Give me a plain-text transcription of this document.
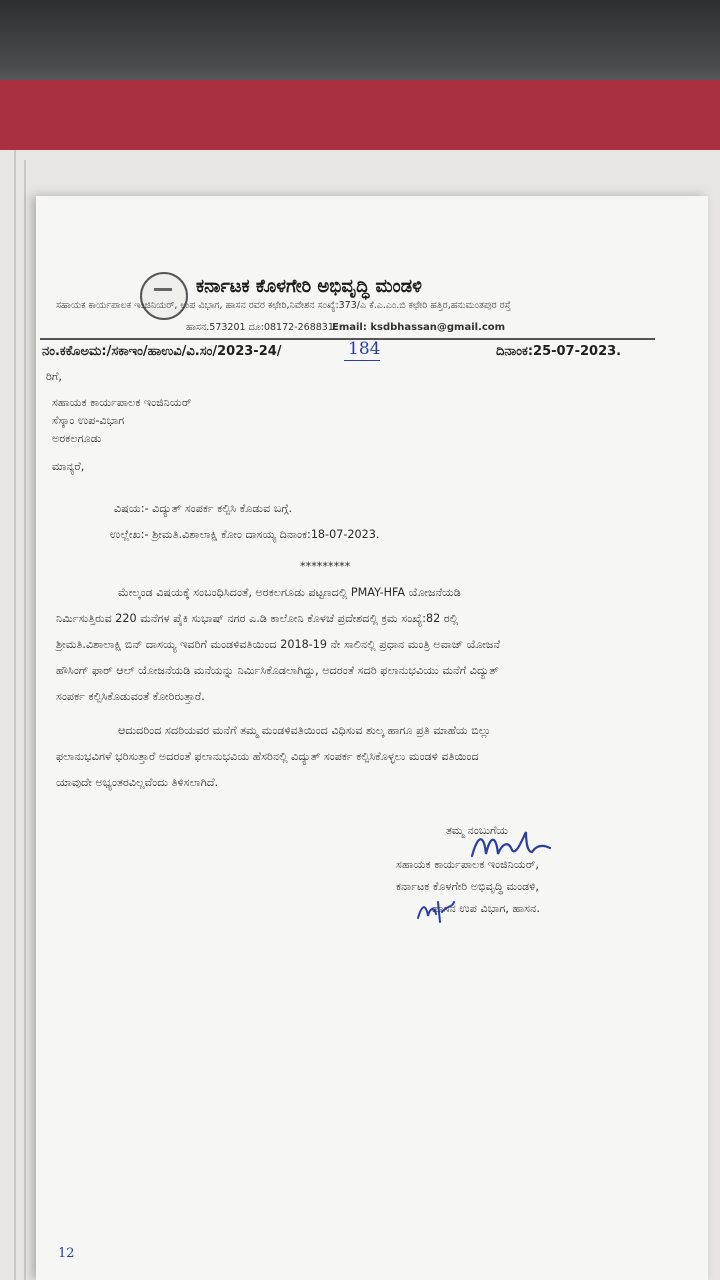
ಕರ್ನಾಟಕ ಕೊಳಗೇರಿ ಅಭಿವೃದ್ಧಿ ಮಂಡಳಿ
ಸಹಾಯಕ ಕಾರ್ಯಪಾಲಕ ಇಂಜಿನಿಯರ್, ಉಪ ವಿಭಾಗ, ಹಾಸನ ರವರ ಕಛೇರಿ,ನಿವೇಶನ ಸಂಖ್ಯೆ:373/ಎ ಕೆ.ಎ.ಎಂ.ಬಿ ಕಛೇರಿ ಹತ್ತಿರ,ಹನುಮಂತಪುರ ರಸ್ತೆ
ಹಾಸನ.573201 ದೂ:08172-268831.
Email: ksdbhassan@gmail.com
ನಂ.ಕಕೊಅಮ:/ಸಕಾಇಂ/ಹಾಉವಿ/ವಿ.ಸಂ/2023-24/	184	ದಿನಾಂಕ:25-07-2023.
ರಿಗೆ,
ಸಹಾಯಕ ಕಾರ್ಯಪಾಲಕ ಇಂಜಿನಿಯರ್
ಸೆಸ್ಕಾಂ ಉಪ-ವಿಭಾಗ
ಅರಕಲಗೂಡು
ಮಾನ್ಯರೆ,
ವಿಷಯ:- ವಿದ್ಯುತ್ ಸಂಪರ್ಕ ಕಲ್ಪಿಸಿ ಕೊಡುವ ಬಗ್ಗೆ.
ಉಲ್ಲೇಖ:- ಶ್ರೀಮತಿ.ವಿಶಾಲಾಕ್ಷಿ ಕೋಂ ದಾಸಯ್ಯ ದಿನಾಂಕ:18-07-2023.
*********
ಮೇಲ್ಕಂಡ ವಿಷಯಕ್ಕೆ ಸಂಬಂಧಿಸಿದಂತೆ, ಅರಕಲಗೂಡು ಪಟ್ಟಣದಲ್ಲಿ PMAY-HFA ಯೋಜನೆಯಡಿ
ನಿರ್ಮಿಸುತ್ತಿರುವ 220 ಮನೆಗಳ ಪೈಕಿ ಸುಭಾಷ್ ನಗರ ಎ.ಡಿ ಕಾಲೋನಿ ಕೊಳಚೆ ಪ್ರದೇಶದಲ್ಲಿ ಕ್ರಮ ಸಂಖ್ಯೆ:82 ರಲ್ಲಿ
ಶ್ರೀಮತಿ.ವಿಶಾಲಾಕ್ಷಿ ಬಿನ್ ದಾಸಯ್ಯ ಇವರಿಗೆ ಮಂಡಳಿವತಿಯಿಂದ 2018-19 ನೇ ಸಾಲಿನಲ್ಲಿ ಪ್ರಧಾನ ಮಂತ್ರಿ ಅವಾಜ್ ಯೋಜನೆ
ಹೌಸಿಂಗ್ ಫಾರ್ ಆಲ್ ಯೋಜನೆಯಡಿ ಮನೆಯನ್ನು ನಿರ್ಮಿಸಿಕೊಡಲಾಗಿದ್ದು, ಅದರಂತೆ ಸದರಿ ಫಲಾನುಭವಿಯು ಮನೆಗೆ ವಿದ್ಯುತ್
ಸಂಪರ್ಕ ಕಲ್ಪಿಸಿಕೊಡುವಂತೆ ಕೋರಿರುತ್ತಾರೆ.
ಆದುದರಿಂದ ಸದರಿಯವರ ಮನೆಗೆ ತಮ್ಮ ಮಂಡಳಿವತಿಯಿಂದ ವಿಧಿಸುವ ಶುಲ್ಕ ಹಾಗೂ ಪ್ರತಿ ಮಾಹೆಯ ಬಿಲ್ಲು
ಫಲಾನುಭವಿಗಳೆ ಭರಿಸುತ್ತಾರೆ ಅದರಂತೆ ಫಲಾನುಭವಿಯ ಹೆಸರಿನಲ್ಲಿ ವಿದ್ಯುತ್ ಸಂಪರ್ಕ ಕಲ್ಪಿಸಿಕೊಳ್ಳಲು ಮಂಡಳಿ ವತಿಯಿಂದ
ಯಾವುದೇ ಅಭ್ಯಂತರವಿಲ್ಲವೆಂದು ತಿಳಿಸಲಾಗಿದೆ.
ತಮ್ಮ ನಂಬುಗೆಯ
ಸಹಾಯಕ ಕಾರ್ಯಪಾಲಕ ಇಂಜಿನಿಯರ್,
ಕರ್ನಾಟಕ ಕೊಳಗೇರಿ ಅಭಿವೃದ್ಧಿ ಮಂಡಳಿ,
ಹಾಸನ ಉಪ ವಿಭಾಗ, ಹಾಸನ.
12
